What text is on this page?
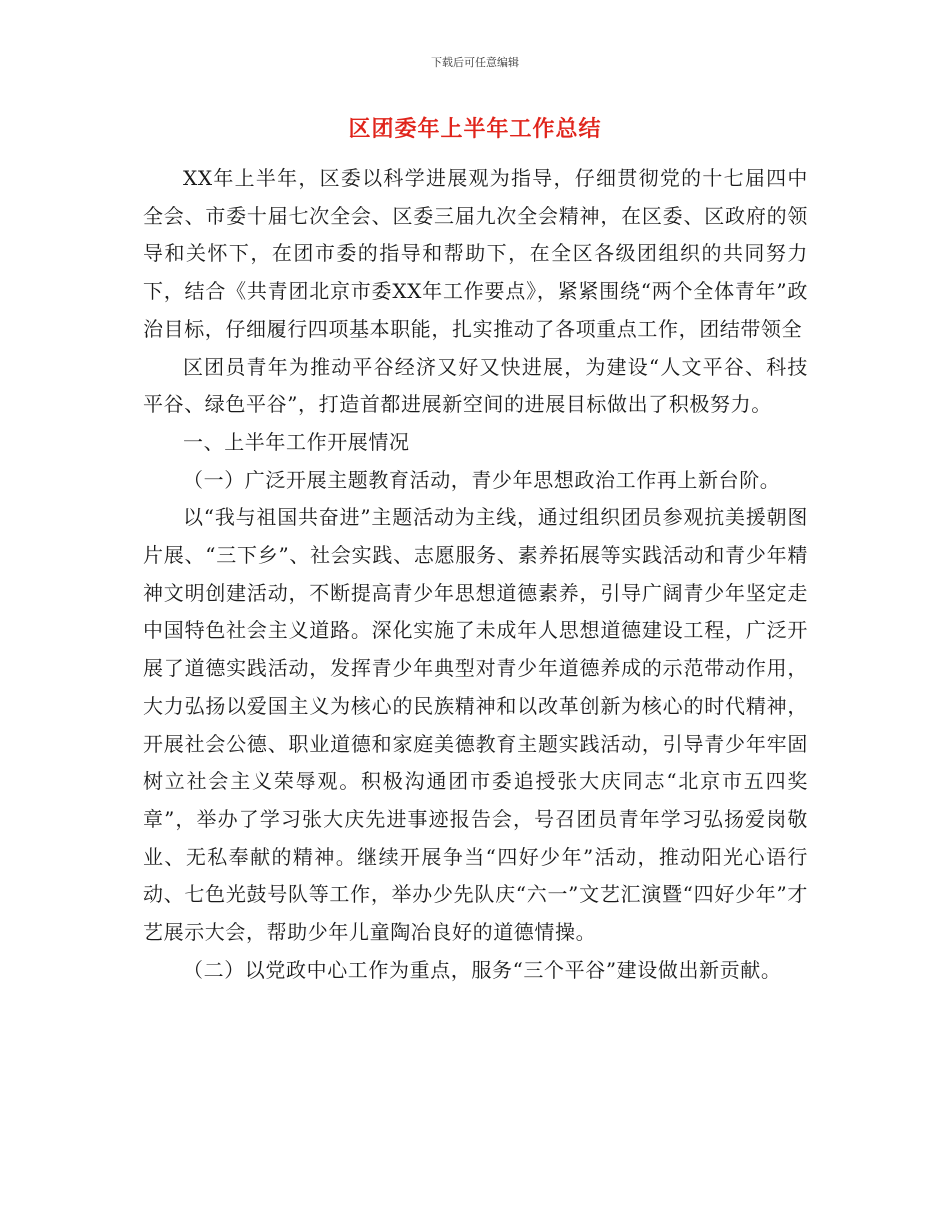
下载后可任意编辑
区团委年上半年工作总结

XX年上半年，区委以科学进展观为指导，仔细贯彻党的十七届四中全会、市委十届七次全会、区委三届九次全会精神，在区委、区政府的领导和关怀下，在团市委的指导和帮助下，在全区各级团组织的共同努力下，结合《共青团北京市委XX年工作要点》，紧紧围绕“两个全体青年”政治目标，仔细履行四项基本职能，扎实推动了各项重点工作，团结带领全

区团员青年为推动平谷经济又好又快进展，为建设“人文平谷、科技平谷、绿色平谷”，打造首都进展新空间的进展目标做出了积极努力。

一、上半年工作开展情况

（一）广泛开展主题教育活动，青少年思想政治工作再上新台阶。

以“我与祖国共奋进”主题活动为主线，通过组织团员参观抗美援朝图片展、“三下乡”、社会实践、志愿服务、素养拓展等实践活动和青少年精神文明创建活动，不断提高青少年思想道德素养，引导广阔青少年坚定走中国特色社会主义道路。深化实施了未成年人思想道德建设工程，广泛开展了道德实践活动，发挥青少年典型对青少年道德养成的示范带动作用，大力弘扬以爱国主义为核心的民族精神和以改革创新为核心的时代精神，开展社会公德、职业道德和家庭美德教育主题实践活动，引导青少年牢固树立社会主义荣辱观。积极沟通团市委追授张大庆同志“北京市五四奖章”，举办了学习张大庆先进事迹报告会，号召团员青年学习弘扬爱岗敬业、无私奉献的精神。继续开展争当“四好少年”活动，推动阳光心语行动、七色光鼓号队等工作，举办少先队庆“六一”文艺汇演暨“四好少年”才艺展示大会，帮助少年儿童陶冶良好的道德情操。

（二）以党政中心工作为重点，服务“三个平谷”建设做出新贡献。
